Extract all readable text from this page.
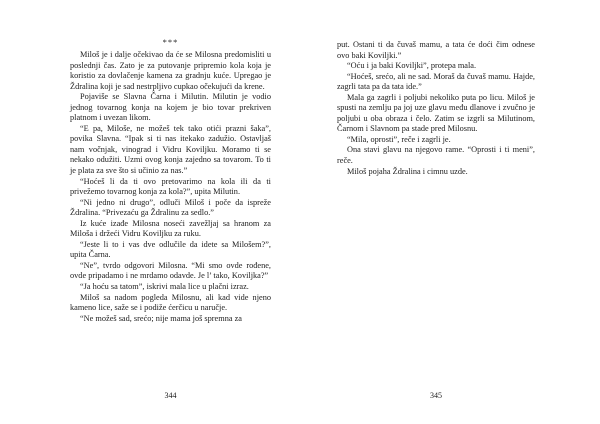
***

Miloš je i dalje očekivao da će se Milosna predomisliti u poslednji čas. Zato je za putovanje pripremio kola koja je koristio za dovlačenje kamena za gradnju kuće. Upregao je Ždralina koji je sad nestrpljivo cupkao očekujući da krene.

Pojaviše se Slavna Čarna i Milutin. Milutin je vodio jednog tovarnog konja na kojem je bio tovar prekriven platnom i uvezan likom.

“E pa, Miloše, ne možeš tek tako otići prazni šaka”, povika Slavna. “Ipak si ti nas itekako zadužio. Ostavljaš nam vočnjak, vinograd i Vidru Koviljku. Moramo ti se nekako odužiti. Uzmi ovog konja zajedno sa tovarom. To ti je plata za sve što si učinio za nas.”

“Hoćeš li da ti ovo pretovarimo na kola ili da ti privežemo tovarnog konja za kola?”, upita Milutin.

“Ni jedno ni drugo”, odluči Miloš i poče da ispreže Ždralina. “Privezaću ga Ždralinu za sedlo.”

Iz kuće izađe Milosna noseći zavežljaj sa hranom za Miloša i držeći Vidru Koviljku za ruku.

“Jeste li to i vas dve odlučile da idete sa Milošem?”, upita Čarna.

“Ne”, tvrdo odgovori Milosna. “Mi smo ovde rođene, ovde pripadamo i ne mrdamo odavde. Je l’ tako, Koviljka?”

“Ja hoću sa tatom”, iskrivi mala lice u plačni izraz.

Miloš sa nadom pogleda Milosnu, ali kad vide njeno kameno lice, saže se i podiže ćerčicu u naručje.

“Ne možeš sad, srećo; nije mama još spremna za

344

put. Ostani ti da čuvaš mamu, a tata će doći čim odnese ovo baki Koviljki.”

“Oću i ja baki Koviljki”, protepa mala.

“Hoćeš, srećo, ali ne sad. Moraš da čuvaš mamu. Hajde, zagrli tata pa da tata ide.”

Mala ga zagrli i poljubi nekoliko puta po licu. Miloš je spusti na zemlju pa joj uze glavu među dlanove i zvučno je poljubi u oba obraza i čelo. Zatim se izgrli sa Milutinom, Čarnom i Slavnom pa stade pred Milosnu.

“Mila, oprosti”, reče i zagrli je.

Ona stavi glavu na njegovo rame. “Oprosti i ti meni”, reče.

Miloš pojaha Ždralina i cimnu uzde.

345
